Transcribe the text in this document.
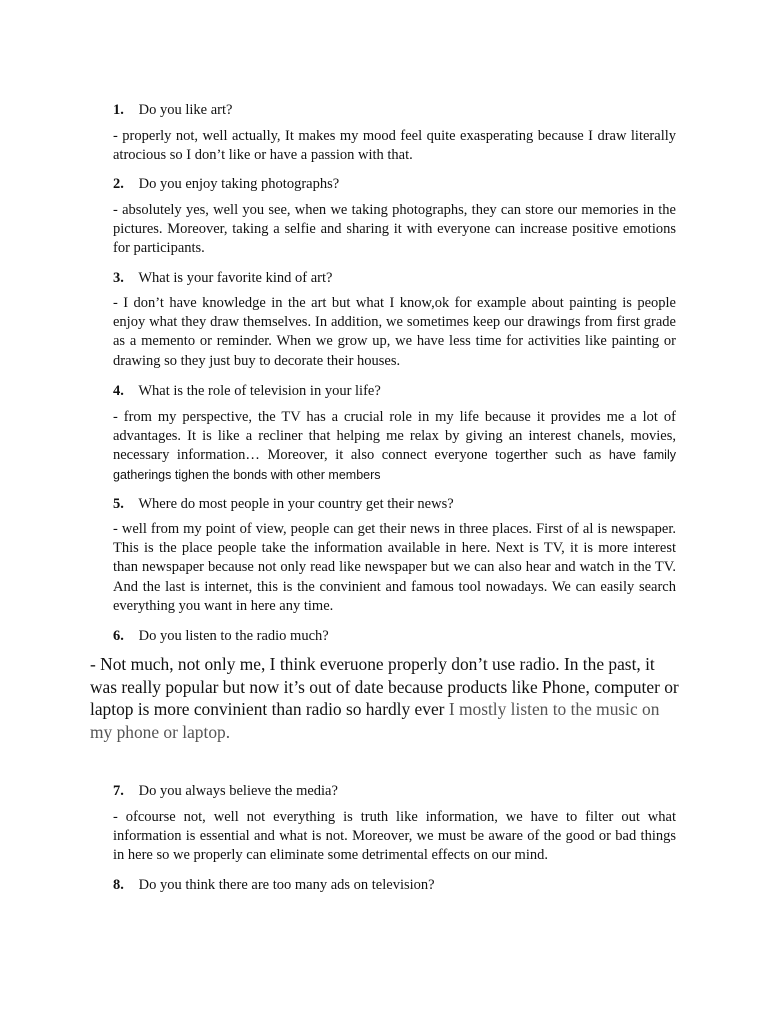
1. Do you like art?
- properly not, well actually, It makes my mood feel quite exasperating because I draw literally atrocious so I don’t like or have a passion with that.
2. Do you enjoy taking photographs?
- absolutely yes, well you see, when we taking photographs, they can store our memories in the pictures. Moreover, taking a selfie and sharing it with everyone can increase positive emotions for participants.
3. What is your favorite kind of art?
- I don’t have knowledge in the art but what I know,ok for example about painting is people enjoy what they draw themselves. In addition, we sometimes keep our drawings from first grade as a memento or reminder. When we grow up, we have less time for activities like painting or drawing so they just buy to decorate their houses.
4. What is the role of television in your life?
- from my perspective, the TV has a crucial role in my life because it provides me a lot of advantages. It is like a recliner that helping me relax by giving an interest chanels, movies, necessary information… Moreover, it also connect everyone togerther such as have family gatherings tighen the bonds with other members
5. Where do most people in your country get their news?
- well from my point of view, people can get their news in three places. First of al is newspaper. This is the place people take the information available in here. Next is TV, it is more interest than newspaper because not only read like newspaper but we can also hear and watch in the TV. And the last is internet, this is the convinient and famous tool nowadays. We can easily search everything you want in here any time.
6. Do you listen to the radio much?
- Not much, not only me, I think everuone properly don’t use radio. In the past, it was really popular but now it’s out of date because products like Phone, computer or laptop is more convinient than radio so hardly ever I mostly listen to the music on my phone or laptop.
7. Do you always believe the media?
- ofcourse not, well not everything is truth like information, we have to filter out what information is essential and what is not. Moreover, we must be aware of the good or bad things in here so we properly can eliminate some detrimental effects on our mind.
8. Do you think there are too many ads on television?
